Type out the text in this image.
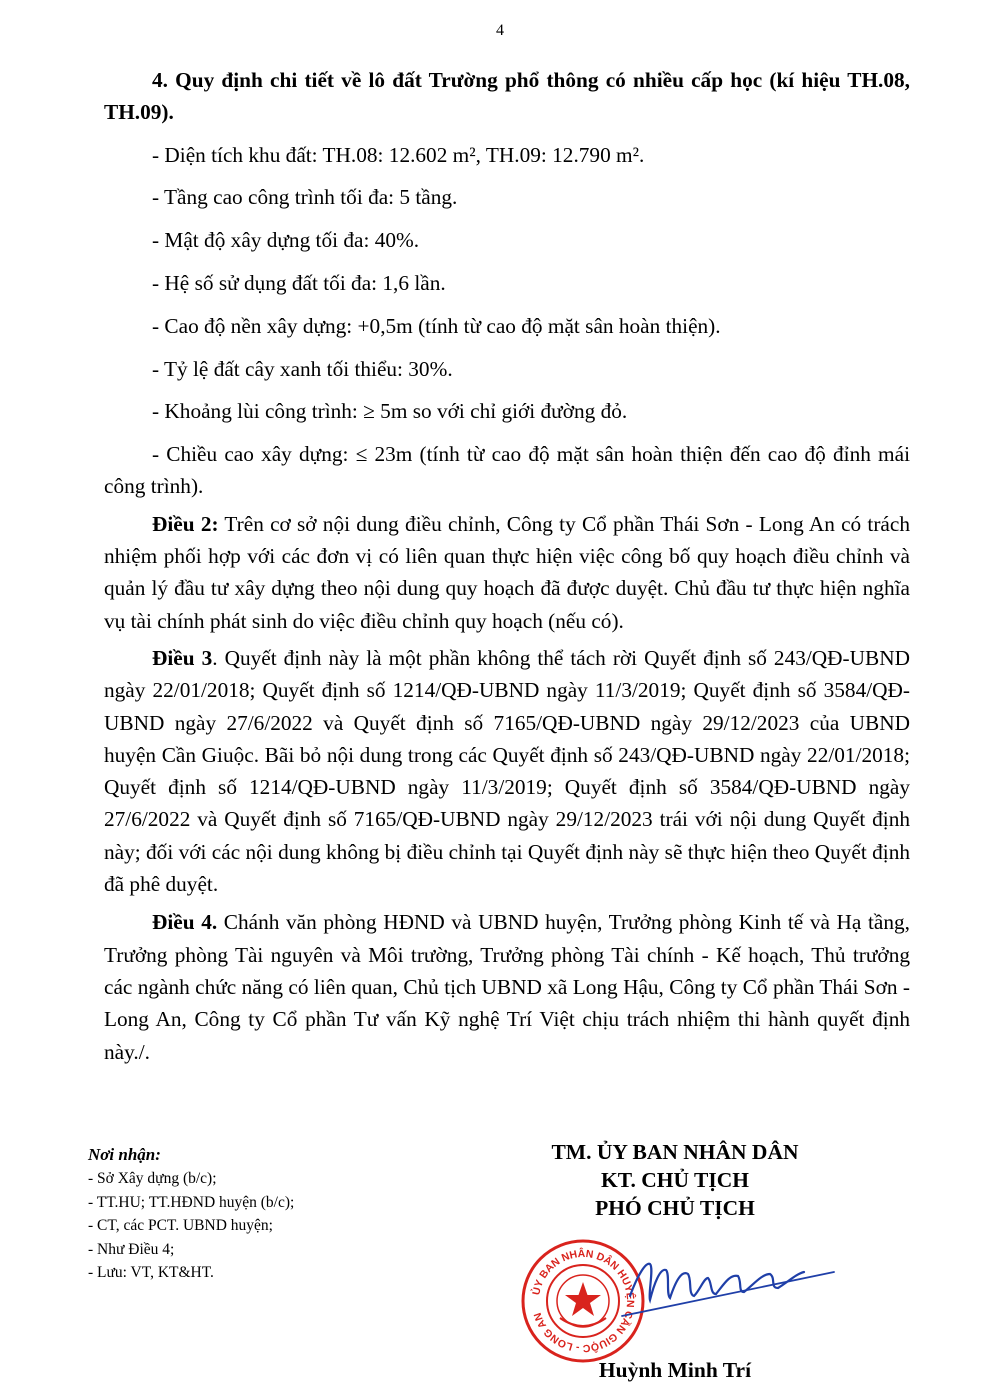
4

4. Quy định chi tiết về lô đất Trường phổ thông có nhiều cấp học (kí hiệu TH.08, TH.09).

- Diện tích khu đất: TH.08: 12.602 m², TH.09: 12.790 m².

- Tầng cao công trình tối đa: 5 tầng.

- Mật độ xây dựng tối đa: 40%.

- Hệ số sử dụng đất tối đa: 1,6 lần.

- Cao độ nền xây dựng: +0,5m (tính từ cao độ mặt sân hoàn thiện).

- Tỷ lệ đất cây xanh tối thiểu: 30%.

- Khoảng lùi công trình: ≥ 5m so với chỉ giới đường đỏ.

- Chiều cao xây dựng: ≤ 23m (tính từ cao độ mặt sân hoàn thiện đến cao độ đỉnh mái công trình).

Điều 2: Trên cơ sở nội dung điều chỉnh, Công ty Cổ phần Thái Sơn - Long An có trách nhiệm phối hợp với các đơn vị có liên quan thực hiện việc công bố quy hoạch điều chỉnh và quản lý đầu tư xây dựng theo nội dung quy hoạch đã được duyệt. Chủ đầu tư thực hiện nghĩa vụ tài chính phát sinh do việc điều chỉnh quy hoạch (nếu có).

Điều 3. Quyết định này là một phần không thể tách rời Quyết định số 243/QĐ-UBND ngày 22/01/2018; Quyết định số 1214/QĐ-UBND ngày 11/3/2019; Quyết định số 3584/QĐ-UBND ngày 27/6/2022 và Quyết định số 7165/QĐ-UBND ngày 29/12/2023 của UBND huyện Cần Giuộc. Bãi bỏ nội dung trong các Quyết định số 243/QĐ-UBND ngày 22/01/2018; Quyết định số 1214/QĐ-UBND ngày 11/3/2019; Quyết định số 3584/QĐ-UBND ngày 27/6/2022 và Quyết định số 7165/QĐ-UBND ngày 29/12/2023 trái với nội dung Quyết định này; đối với các nội dung không bị điều chỉnh tại Quyết định này sẽ thực hiện theo Quyết định đã phê duyệt.

Điều 4. Chánh văn phòng HĐND và UBND huyện, Trưởng phòng Kinh tế và Hạ tầng, Trưởng phòng Tài nguyên và Môi trường, Trưởng phòng Tài chính - Kế hoạch, Thủ trưởng các ngành chức năng có liên quan, Chủ tịch UBND xã Long Hậu, Công ty Cổ phần Thái Sơn - Long An, Công ty Cổ phần Tư vấn Kỹ nghệ Trí Việt chịu trách nhiệm thi hành quyết định này./.

Nơi nhận:
- Sở Xây dựng (b/c);
- TT.HU; TT.HĐND huyện (b/c);
- CT, các PCT. UBND huyện;
- Như Điều 4;
- Lưu: VT, KT&HT.
TM. ỦY BAN NHÂN DÂN
KT. CHỦ TỊCH
PHÓ CHỦ TỊCH
ỦY BAN NHÂN DÂN HUYỆN CẦN GIUỘC - LONG AN
Huỳnh Minh Trí
